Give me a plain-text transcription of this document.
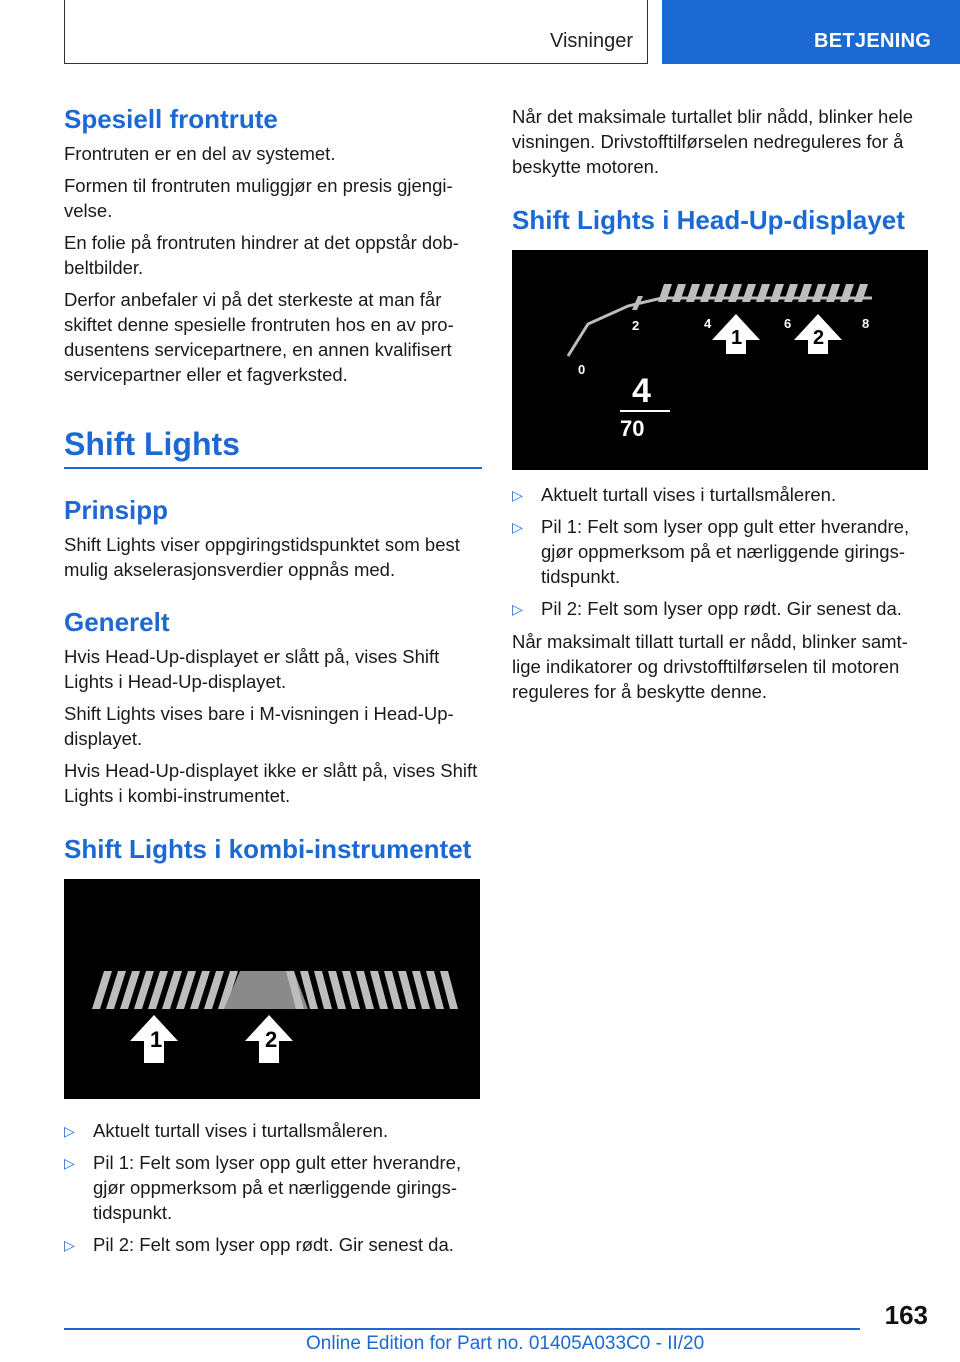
Visninger	BETJENING
Spesiell frontrute

Frontruten er en del av systemet.

Formen til frontruten muliggjør en presis gjengi-velse.

En folie på frontruten hindrer at det oppstår dob-beltbilder.

Derfor anbefaler vi på det sterkeste at man får skiftet denne spesielle frontruten hos en av pro-dusentens servicepartnere, en annen kvalifisert servicepartner eller et fagverksted.

Shift Lights
Prinsipp

Shift Lights viser oppgiringstidspunktet som best mulig akselerasjonsverdier oppnås med.

Generelt

Hvis Head-Up-displayet er slått på, vises Shift Lights i Head-Up-displayet.

Shift Lights vises bare i M-visningen i Head-Up-displayet.

Hvis Head-Up-displayet ikke er slått på, vises Shift Lights i kombi-instrumentet.

Shift Lights i kombi-instrumentet
1	2
▷ Aktuelt turtall vises i turtallsmåleren.
▷ Pil 1: Felt som lyser opp gult etter hverandre, gjør oppmerksom på et nærliggende girings-tidspunkt.
▷ Pil 2: Felt som lyser opp rødt. Gir senest da.

Når det maksimale turtallet blir nådd, blinker hele visningen. Drivstofftilførselen nedreguleres for å beskytte motoren.

Shift Lights i Head-Up-displayet
0
2	4	6	8
1	2
4
70
▷ Aktuelt turtall vises i turtallsmåleren.
▷ Pil 1: Felt som lyser opp gult etter hverandre, gjør oppmerksom på et nærliggende girings-tidspunkt.
▷ Pil 2: Felt som lyser opp rødt. Gir senest da.

Når maksimalt tillatt turtall er nådd, blinker samt-lige indikatorer og drivstofftilførselen til motoren reguleres for å beskytte denne.

163
Online Edition for Part no. 01405A033C0 - II/20
